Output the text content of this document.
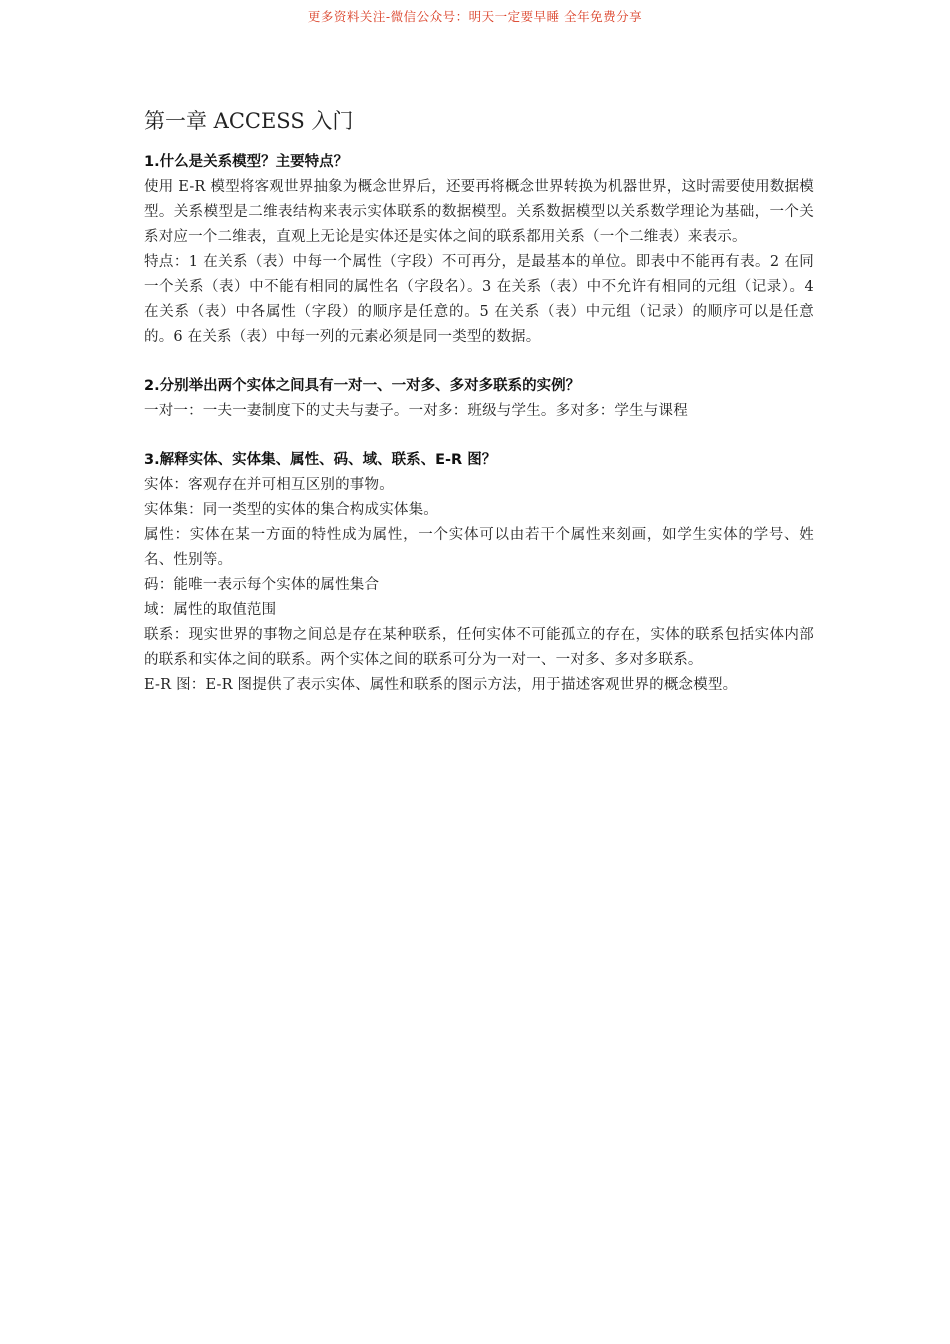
更多资料关注-微信公众号：明天一定要早睡 全年免费分享
第一章 ACCESS 入门

1.什么是关系模型？主要特点？

使用 E-R 模型将客观世界抽象为概念世界后，还要再将概念世界转换为机器世界，这时需要使用数据模型。关系模型是二维表结构来表示实体联系的数据模型。关系数据模型以关系数学理论为基础，一个关系对应一个二维表，直观上无论是实体还是实体之间的联系都用关系（一个二维表）来表示。

特点：1 在关系（表）中每一个属性（字段）不可再分，是最基本的单位。即表中不能再有表。2 在同一个关系（表）中不能有相同的属性名（字段名）。3 在关系（表）中不允许有相同的元组（记录）。4 在关系（表）中各属性（字段）的顺序是任意的。5 在关系（表）中元组（记录）的顺序可以是任意的。6 在关系（表）中每一列的元素必须是同一类型的数据。

2.分别举出两个实体之间具有一对一、一对多、多对多联系的实例？

一对一：一夫一妻制度下的丈夫与妻子。一对多：班级与学生。多对多：学生与课程

3.解释实体、实体集、属性、码、域、联系、E-R 图？

实体：客观存在并可相互区别的事物。

实体集：同一类型的实体的集合构成实体集。

属性：实体在某一方面的特性成为属性，一个实体可以由若干个属性来刻画，如学生实体的学号、姓名、性别等。

码：能唯一表示每个实体的属性集合

域：属性的取值范围

联系：现实世界的事物之间总是存在某种联系，任何实体不可能孤立的存在，实体的联系包括实体内部的联系和实体之间的联系。两个实体之间的联系可分为一对一、一对多、多对多联系。

E-R 图：E-R 图提供了表示实体、属性和联系的图示方法，用于描述客观世界的概念模型。
